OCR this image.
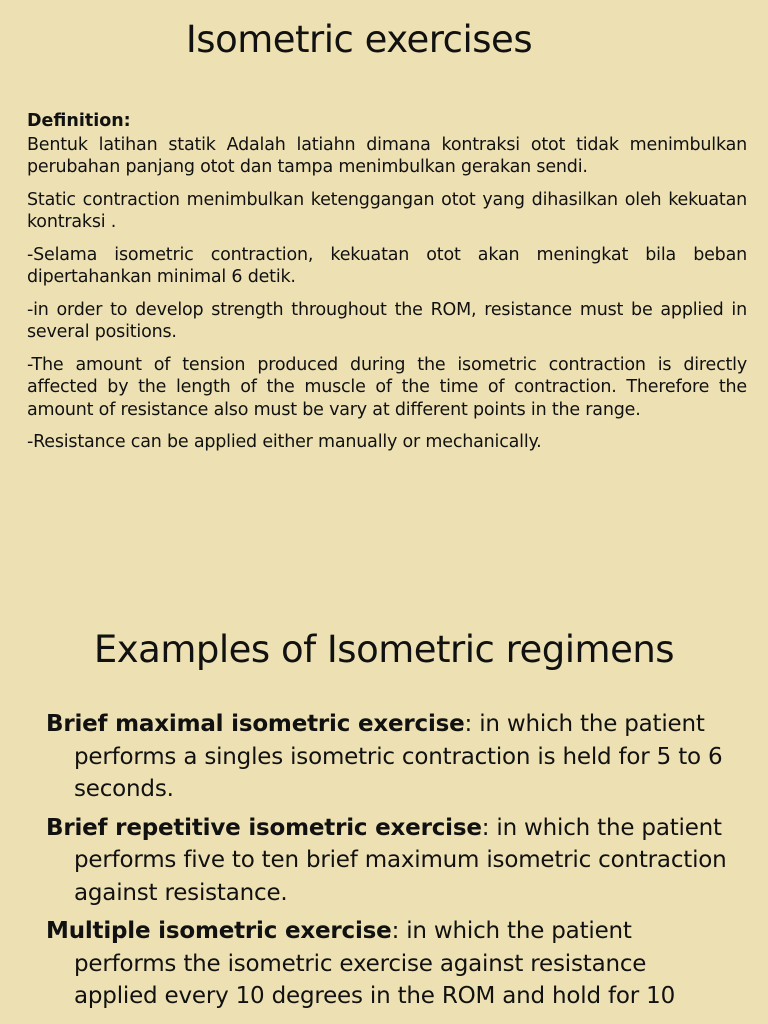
Isometric exercises
Definition:

Bentuk latihan statik Adalah latiahn dimana kontraksi otot tidak menimbulkan perubahan panjang otot dan tampa menimbulkan gerakan sendi.

Static contraction menimbulkan ketenggangan otot yang dihasilkan oleh kekuatan kontraksi .

-Selama isometric contraction, kekuatan otot akan meningkat bila beban dipertahankan minimal 6 detik.

-in order to develop strength throughout the ROM, resistance must be applied in several positions.

-The amount of tension produced during the isometric contraction is directly affected by the length of the muscle of the time of contraction. Therefore the amount of resistance also must be vary at different points in the range.

-Resistance can be applied either manually or mechanically.

Examples of Isometric regimens
Brief maximal isometric exercise: in which the patient performs a singles isometric contraction is held for 5 to 6 seconds.
Brief repetitive isometric exercise: in which the patient performs five to ten brief maximum isometric contraction against resistance.
Multiple isometric exercise: in which the patient performs the isometric exercise against resistance applied every 10 degrees in the ROM and hold for 10
